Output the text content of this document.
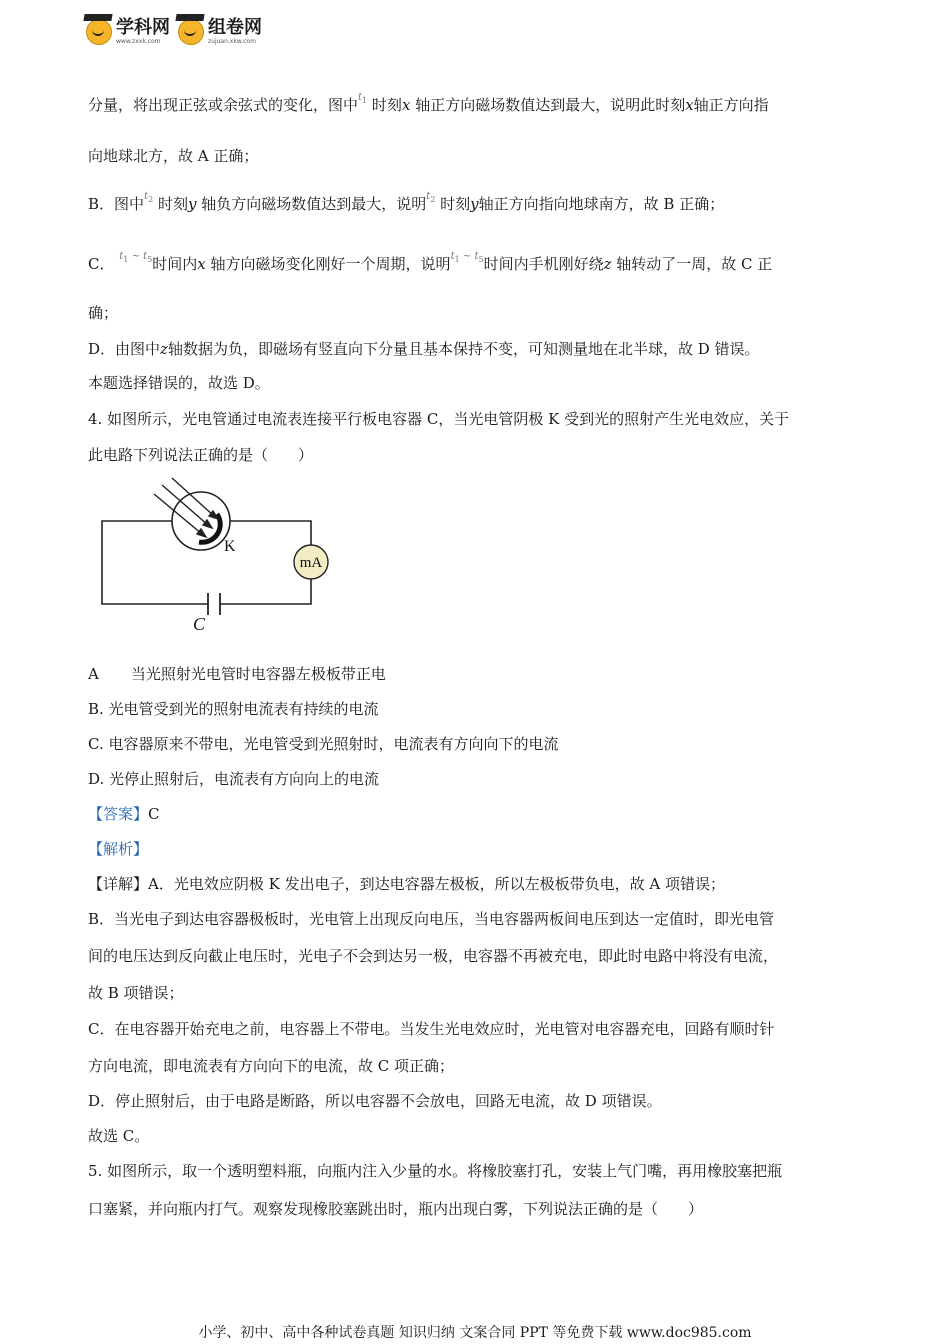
学科网
www.zxxk.com
组卷网
zujuan.xkw.com
分量，将出现正弦或余弦式的变化，图中$^{t_1}$ 时刻x 轴正方向磁场数值达到最大，说明此时刻x轴正方向指
向地球北方，故 A 正确；
B．图中$^{t_2}$ 时刻y 轴负方向磁场数值达到最大，说明$^{t_2}$ 时刻y轴正方向指向地球南方，故 B 正确；
C． $^{t_1 \sim t_5}$时间内x 轴方向磁场变化刚好一个周期，说明$^{t_1 \sim t_5}$时间内手机刚好绕z 轴转动了一周，故 C 正
确；
D．由图中z轴数据为负，即磁场有竖直向下分量且基本保持不变，可知测量地在北半球，故 D 错误。
本题选择错误的，故选 D。
4. 如图所示，光电管通过电流表连接平行板电容器 C，当光电管阴极 K 受到光的照射产生光电效应，关于
此电路下列说法正确的是（　　）
mA
K
C
A 当光照射光电管时电容器左极板带正电
B. 光电管受到光的照射电流表有持续的电流
C. 电容器原来不带电，光电管受到光照射时，电流表有方向向下的电流
D. 光停止照射后，电流表有方向向上的电流
【答案】C
【解析】
【详解】A．光电效应阴极 K 发出电子，到达电容器左极板，所以左极板带负电，故 A 项错误；
B．当光电子到达电容器极板时，光电管上出现反向电压，当电容器两板间电压到达一定值时，即光电管
间的电压达到反向截止电压时，光电子不会到达另一极，电容器不再被充电，即此时电路中将没有电流，
故 B 项错误；
C．在电容器开始充电之前，电容器上不带电。当发生光电效应时，光电管对电容器充电，回路有顺时针
方向电流，即电流表有方向向下的电流，故 C 项正确；
D．停止照射后，由于电路是断路，所以电容器不会放电，回路无电流，故 D 项错误。
故选 C。
5. 如图所示，取一个透明塑料瓶，向瓶内注入少量的水。将橡胶塞打孔，安装上气门嘴，再用橡胶塞把瓶
口塞紧，并向瓶内打气。观察发现橡胶塞跳出时，瓶内出现白雾，下列说法正确的是（　　）
小学、初中、高中各种试卷真题 知识归纳 文案合同 PPT 等免费下载 www.doc985.com
